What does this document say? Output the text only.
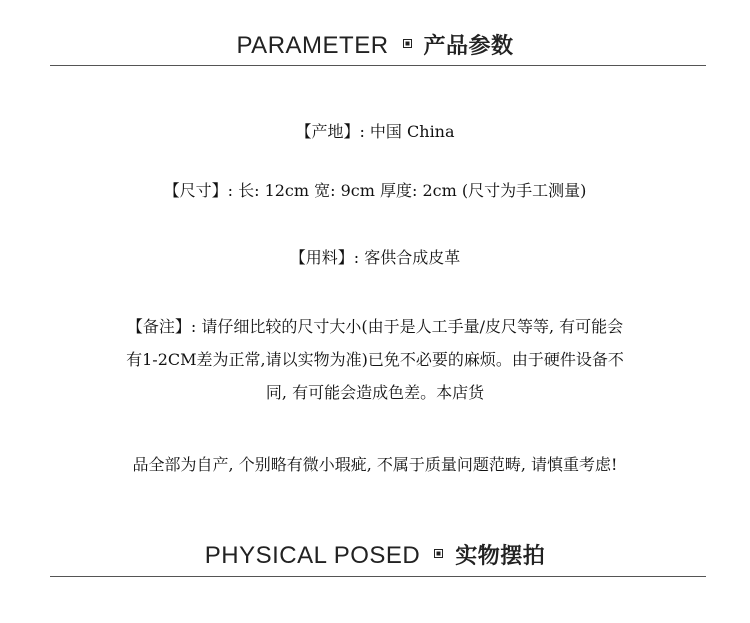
PARAMETER 产品参数
【产地】: 中国 China
【尺寸】: 长: 12cm 宽: 9cm 厚度: 2cm (尺寸为手工测量)
【用料】: 客供合成皮革
【备注】: 请仔细比较的尺寸大小(由于是人工手量/皮尺等等, 有可能会
有1-2CM差为正常,请以实物为准)已免不必要的麻烦。由于硬件设备不
同, 有可能会造成色差。本店货
品全部为自产, 个别略有微小瑕疵, 不属于质量问题范畴, 请慎重考虑!
PHYSICAL POSED 实物摆拍
